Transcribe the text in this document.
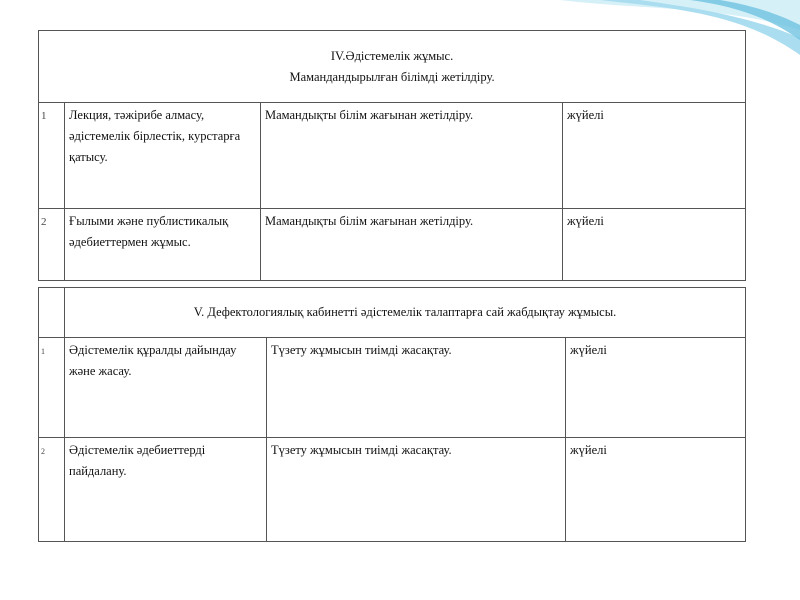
IV.Әдістемелік жұмыс.
Мамандандырылған білімді жетілдіру.			

1	Лекция, тәжірибе алмасу, әдістемелік бірлестік, курстарға қатысу.	Мамандықты білім жағынан жетілдіру.	жүйелі
2	Ғылыми және публистикалық әдебиеттермен жұмыс.	Мамандықты білім жағынан жетілдіру.	жүйелі
	V. Дефектологиялық кабинетті әдістемелік талаптарға сай жабдықтау жұмысы.		
1	Әдістемелік құралды дайындау және жасау.	Түзету жұмысын тиімді жасақтау.	жүйелі
2	Әдістемелік әдебиеттерді пайдалану.	Түзету жұмысын тиімді жасақтау.	жүйелі
